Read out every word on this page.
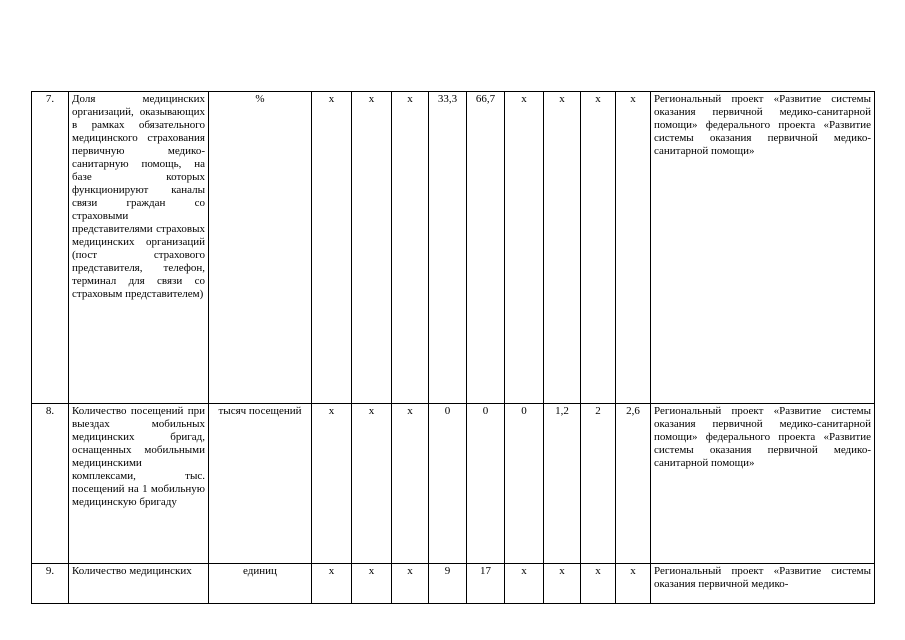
7.	Доля медицинских организаций, оказывающих в рамках обязательного медицинского страхования первичную медико-санитарную помощь, на базе которых функционируют каналы связи граждан со страховыми представителями страховых медицинских организаций (пост страхового представителя, телефон, терминал для связи со страховым представителем)	%	х	х	х	33,3	66,7	х	х	х	х	Региональный проект «Развитие системы оказания первичной медико-санитарной помощи» федерального проекта «Развитие системы оказания первичной медико-санитарной помощи»
8.	Количество посещений при выездах мобильных медицинских бригад, оснащенных мобильными медицинскими комплексами, тыс. посещений на 1 мобильную медицинскую бригаду	тысяч посещений	х	х	х	0	0	0	1,2	2	2,6	Региональный проект «Развитие системы оказания первичной медико-санитарной помощи» федерального проекта «Развитие системы оказания первичной медико-санитарной помощи»
9.	Количество медицинских	единиц	х	х	х	9	17	х	х	х	х	Региональный проект «Развитие системы оказания первичной медико-
